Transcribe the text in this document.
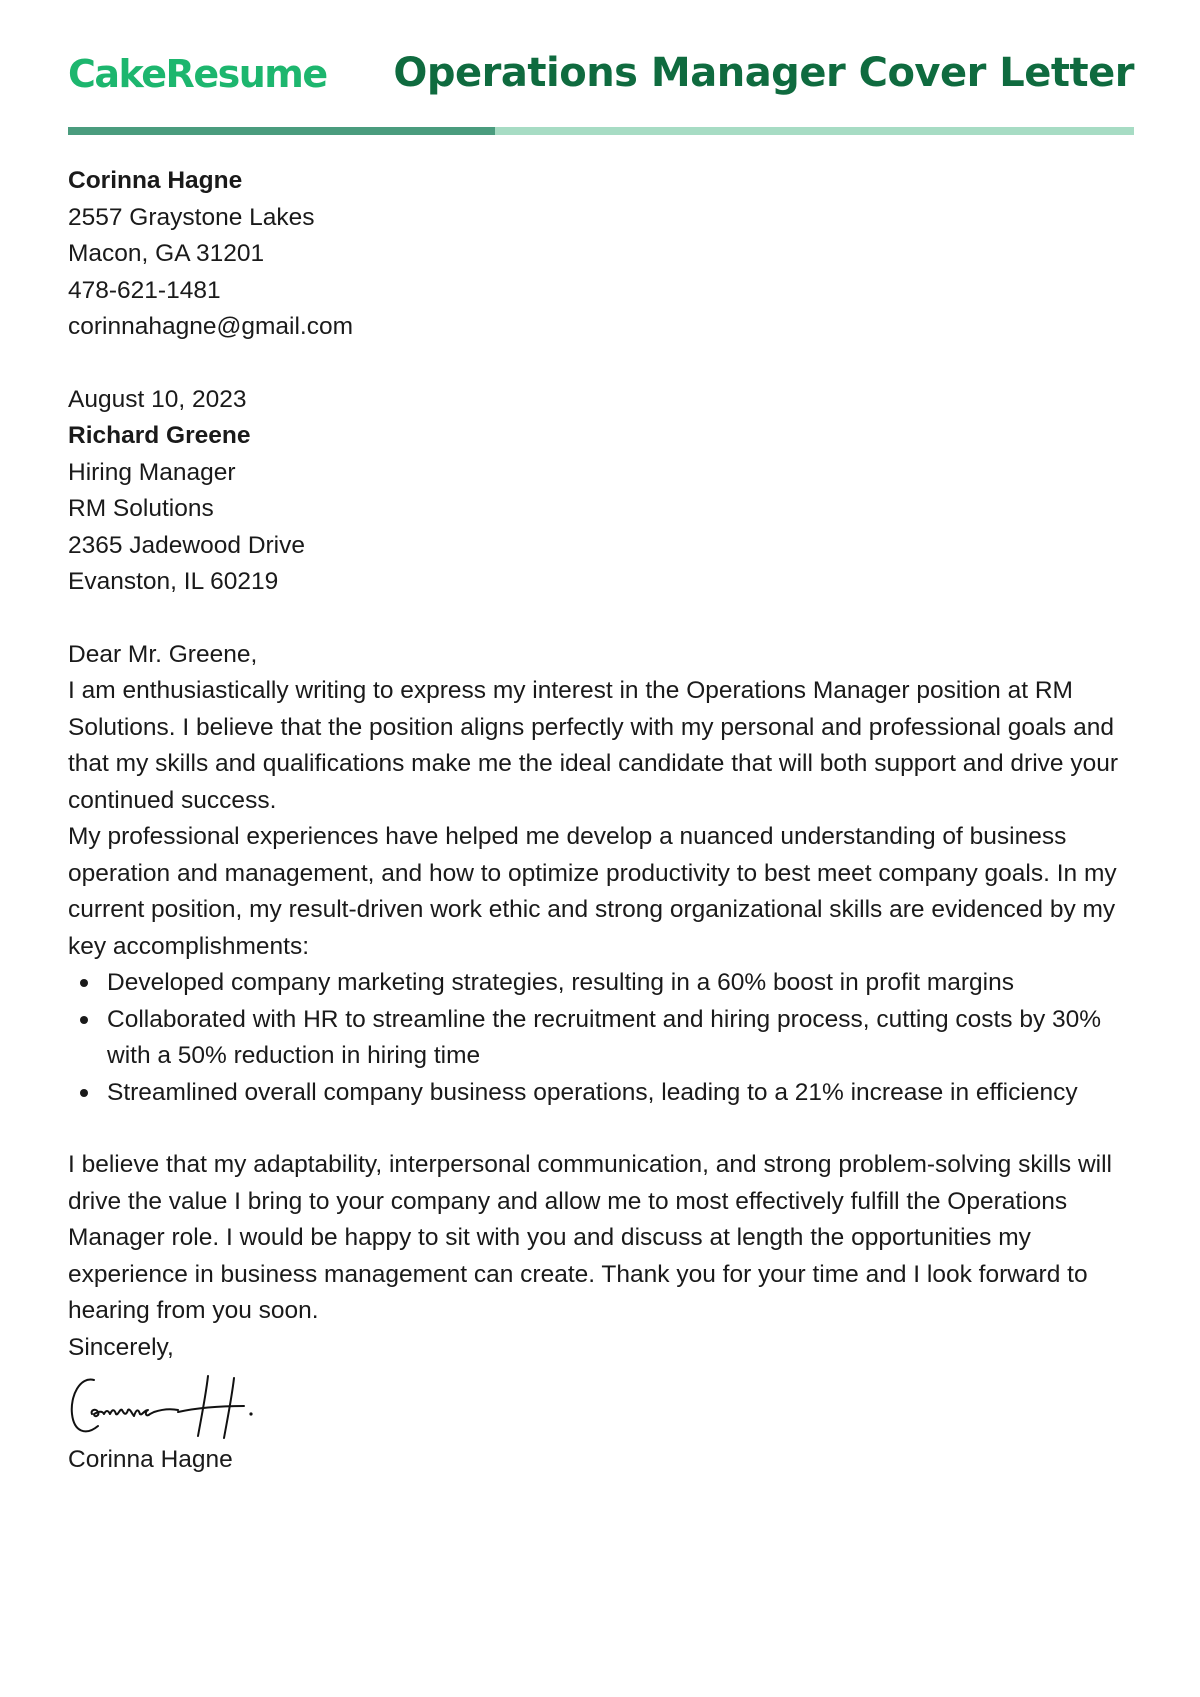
CakeResume Operations Manager Cover Letter

Corinna Hagne

2557 Graystone Lakes

Macon, GA 31201

478-621-1481

corinnahagne@gmail.com

August 10, 2023

Richard Greene

Hiring Manager

RM Solutions

2365 Jadewood Drive

Evanston, IL 60219

Dear Mr. Greene,

I am enthusiastically writing to express my interest in the Operations Manager position at RM Solutions. I believe that the position aligns perfectly with my personal and professional goals and that my skills and qualifications make me the ideal candidate that will both support and drive your continued success.

My professional experiences have helped me develop a nuanced understanding of business operation and management, and how to optimize productivity to best meet company goals. In my current position, my result-driven work ethic and strong organizational skills are evidenced by my key accomplishments:

Developed company marketing strategies, resulting in a 60% boost in profit margins
Collaborated with HR to streamline the recruitment and hiring process, cutting costs by 30% with a 50% reduction in hiring time
Streamlined overall company business operations, leading to a 21% increase in efficiency

I believe that my adaptability, interpersonal communication, and strong problem-solving skills will drive the value I bring to your company and allow me to most effectively fulfill the Operations Manager role. I would be happy to sit with you and discuss at length the opportunities my experience in business management can create. Thank you for your time and I look forward to hearing from you soon.

Sincerely,

Corinna Hagne
